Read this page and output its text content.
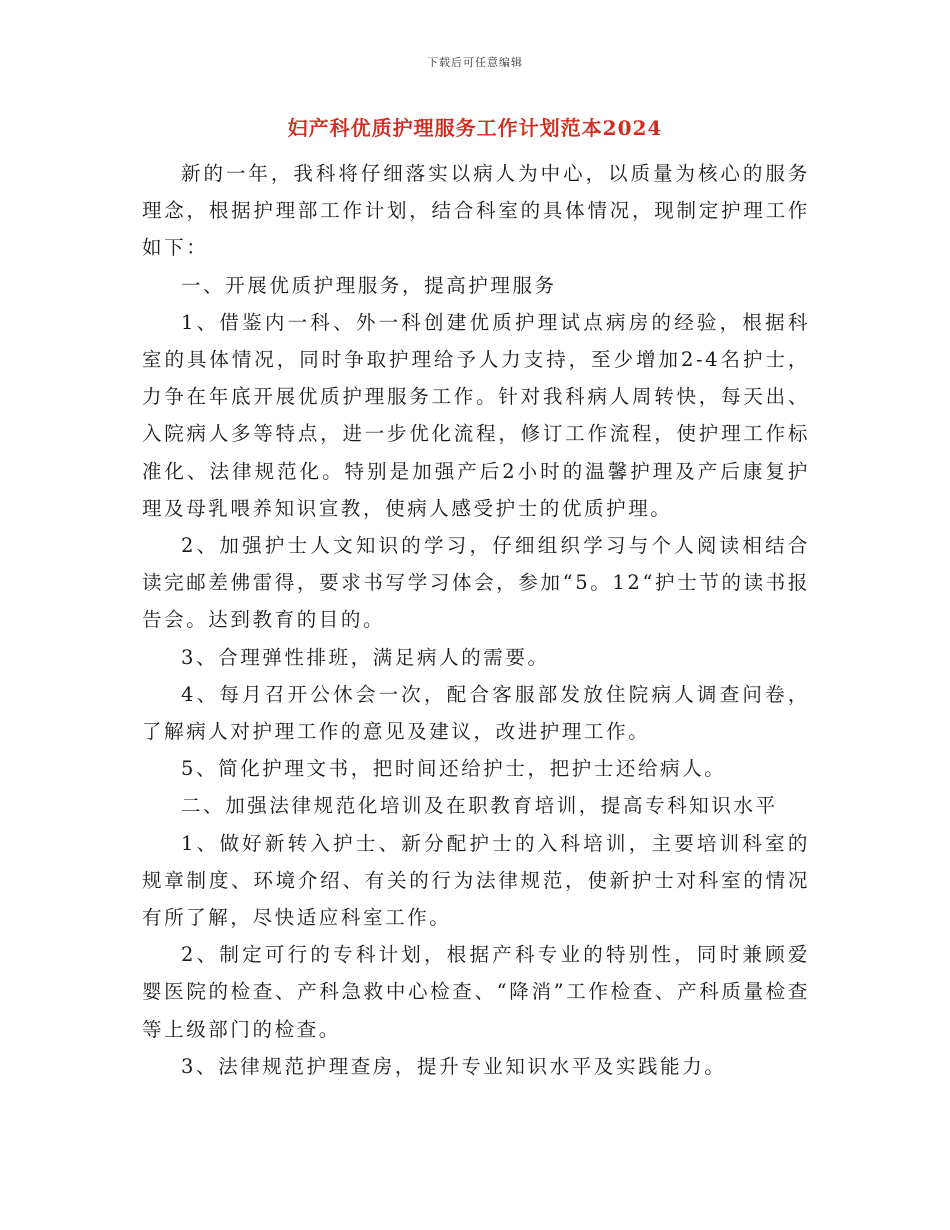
下载后可任意编辑
妇产科优质护理服务工作计划范本2024

新的一年，我科将仔细落实以病人为中心，以质量为核心的服务理念，根据护理部工作计划，结合科室的具体情况，现制定护理工作如下：

一、开展优质护理服务，提高护理服务

1、借鉴内一科、外一科创建优质护理试点病房的经验，根据科室的具体情况，同时争取护理给予人力支持，至少增加2-4名护士，力争在年底开展优质护理服务工作。针对我科病人周转快，每天出、入院病人多等特点，进一步优化流程，修订工作流程，使护理工作标准化、法律规范化。特别是加强产后2小时的温馨护理及产后康复护理及母乳喂养知识宣教，使病人感受护士的优质护理。

2、加强护士人文知识的学习，仔细组织学习与个人阅读相结合读完邮差佛雷得，要求书写学习体会，参加“5。12“护士节的读书报告会。达到教育的目的。

3、合理弹性排班，满足病人的需要。

4、每月召开公休会一次，配合客服部发放住院病人调查问卷，了解病人对护理工作的意见及建议，改进护理工作。

5、简化护理文书，把时间还给护士，把护士还给病人。

二、加强法律规范化培训及在职教育培训，提高专科知识水平

1、做好新转入护士、新分配护士的入科培训，主要培训科室的规章制度、环境介绍、有关的行为法律规范，使新护士对科室的情况有所了解，尽快适应科室工作。

2、制定可行的专科计划，根据产科专业的特别性，同时兼顾爱婴医院的检查、产科急救中心检查、“降消”工作检查、产科质量检查等上级部门的检查。

3、法律规范护理查房，提升专业知识水平及实践能力。
